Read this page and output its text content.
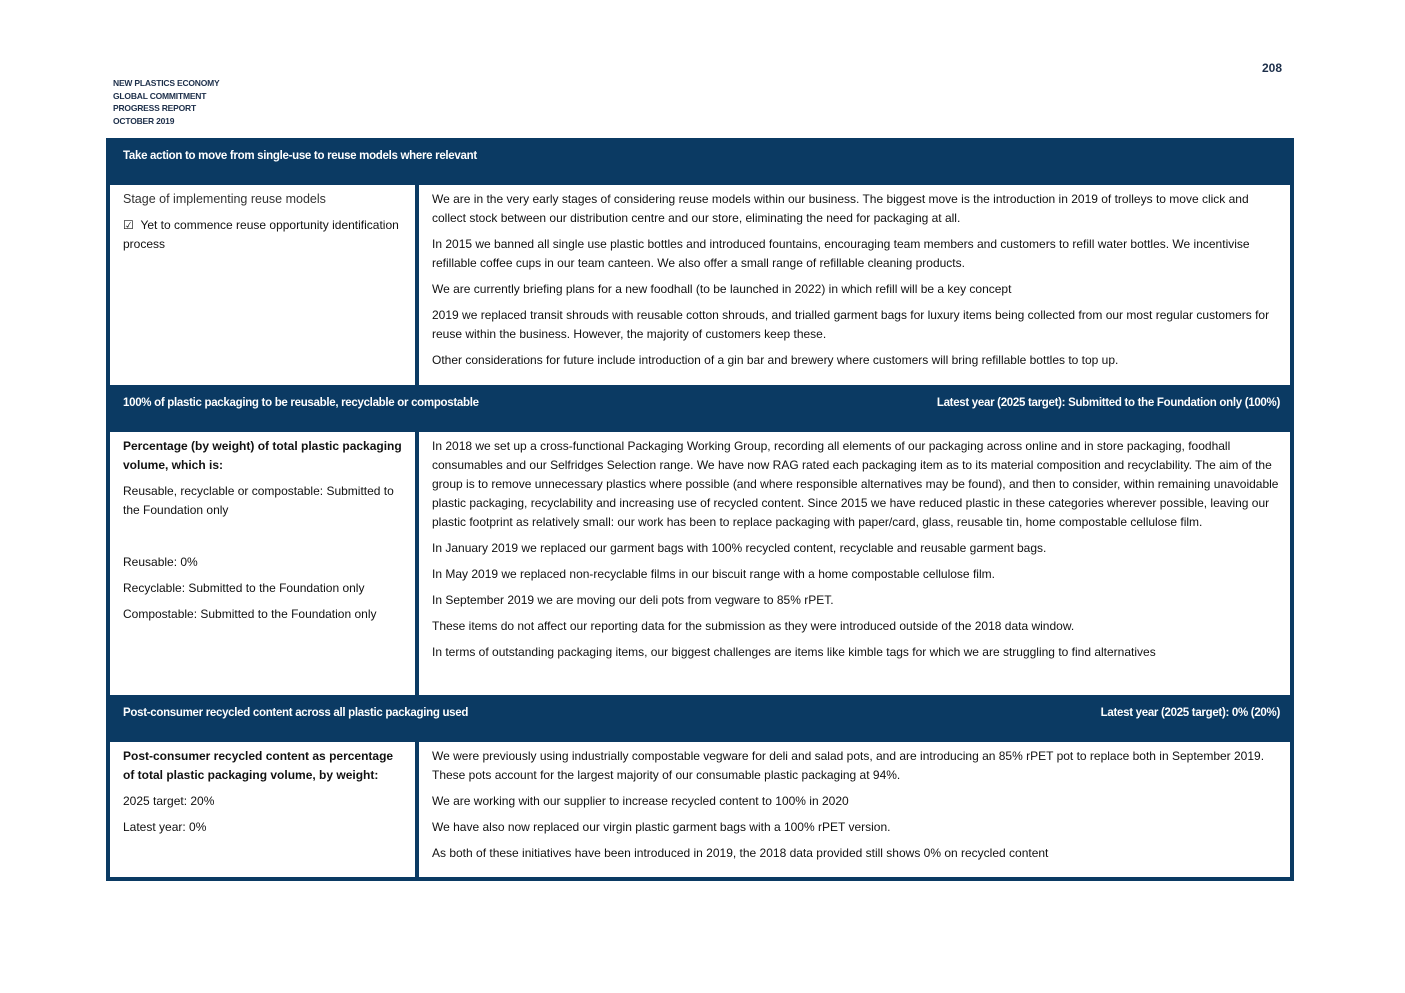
NEW PLASTICS ECONOMY
GLOBAL COMMITMENT
PROGRESS REPORT
OCTOBER 2019
208
Take action to move from single-use to reuse models where relevant

Stage of implementing reuse models

☑ Yet to commence reuse opportunity identification process

We are in the very early stages of considering reuse models within our business. The biggest move is the introduction in 2019 of trolleys to move click and collect stock between our distribution centre and our store, eliminating the need for packaging at all.

In 2015 we banned all single use plastic bottles and introduced fountains, encouraging team members and customers to refill water bottles. We incentivise refillable coffee cups in our team canteen. We also offer a small range of refillable cleaning products.

We are currently briefing plans for a new foodhall (to be launched in 2022) in which refill will be a key concept

2019 we replaced transit shrouds with reusable cotton shrouds, and trialled garment bags for luxury items being collected from our most regular customers for reuse within the business. However, the majority of customers keep these.

Other considerations for future include introduction of a gin bar and brewery where customers will bring refillable bottles to top up.

100% of plastic packaging to be reusable, recyclable or compostable	Latest year (2025 target): Submitted to the Foundation only (100%)

Percentage (by weight) of total plastic packaging volume, which is:

Reusable, recyclable or compostable: Submitted to the Foundation only

Reusable: 0%

Recyclable: Submitted to the Foundation only

Compostable: Submitted to the Foundation only

In 2018 we set up a cross-functional Packaging Working Group, recording all elements of our packaging across online and in store packaging, foodhall consumables and our Selfridges Selection range. We have now RAG rated each packaging item as to its material composition and recyclability. The aim of the group is to remove unnecessary plastics where possible (and where responsible alternatives may be found), and then to consider, within remaining unavoidable plastic packaging, recyclability and increasing use of recycled content. Since 2015 we have reduced plastic in these categories wherever possible, leaving our plastic footprint as relatively small: our work has been to replace packaging with paper/card, glass, reusable tin, home compostable cellulose film.

In January 2019 we replaced our garment bags with 100% recycled content, recyclable and reusable garment bags.

In May 2019 we replaced non-recyclable films in our biscuit range with a home compostable cellulose film.

In September 2019 we are moving our deli pots from vegware to 85% rPET.

These items do not affect our reporting data for the submission as they were introduced outside of the 2018 data window.

In terms of outstanding packaging items, our biggest challenges are items like kimble tags for which we are struggling to find alternatives

Post-consumer recycled content across all plastic packaging used	Latest year (2025 target): 0% (20%)

Post-consumer recycled content as percentage of total plastic packaging volume, by weight:

2025 target: 20%

Latest year: 0%

We were previously using industrially compostable vegware for deli and salad pots, and are introducing an 85% rPET pot to replace both in September 2019. These pots account for the largest majority of our consumable plastic packaging at 94%.

We are working with our supplier to increase recycled content to 100% in 2020

We have also now replaced our virgin plastic garment bags with a 100% rPET version.

As both of these initiatives have been introduced in 2019, the 2018 data provided still shows 0% on recycled content
